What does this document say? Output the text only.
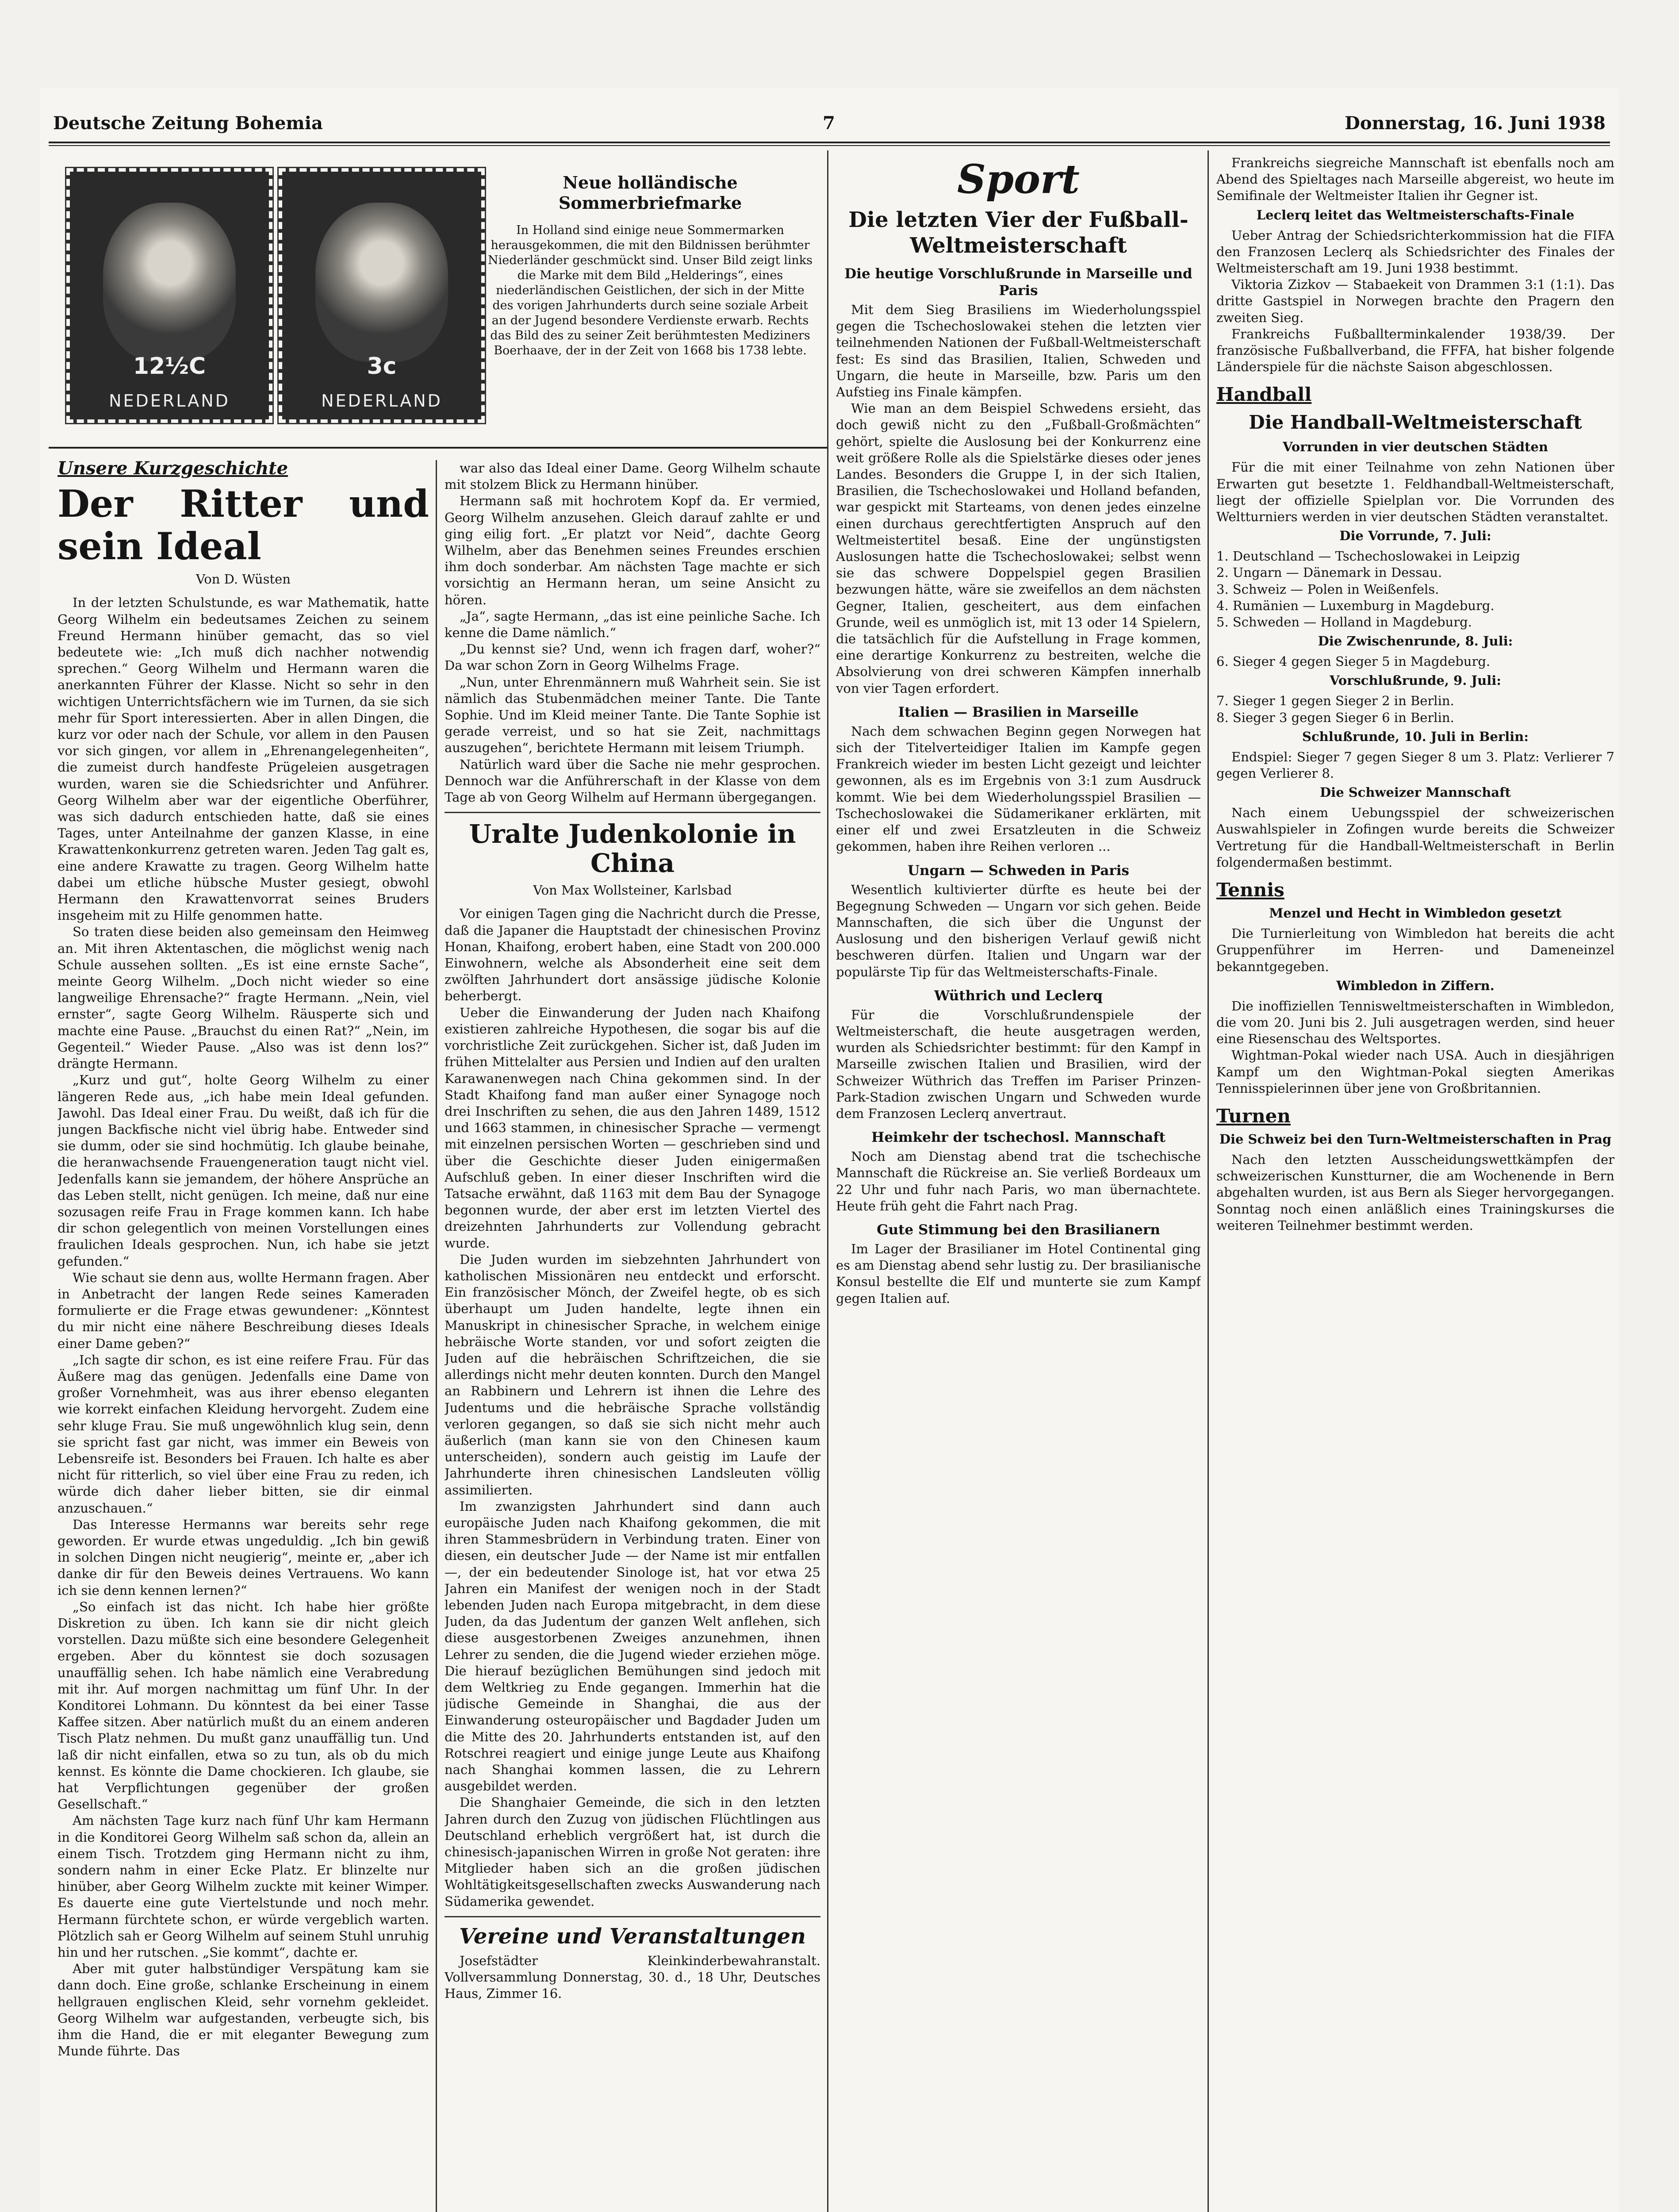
Deutsche Zeitung Bohemia	7	Donnerstag, 16. Juni 1938
12½C
NEDERLAND
3c
NEDERLAND
Neue holländische Sommerbriefmarke
In Holland sind einige neue Sommermarken herausgekommen, die mit den Bildnissen berühmter Niederländer geschmückt sind. Unser Bild zeigt links die Marke mit dem Bild „Helderings“, eines niederländischen Geistlichen, der sich in der Mitte des vorigen Jahrhunderts durch seine soziale Arbeit an der Jugend besondere Verdienste erwarb. Rechts das Bild des zu seiner Zeit berühmtesten Mediziners Boerhaave, der in der Zeit von 1668 bis 1738 lebte.
Unsere Kurzgeschichte
Der Ritter und sein Ideal
Von D. Wüsten

In der letzten Schulstunde, es war Mathematik, hatte Georg Wilhelm ein bedeutsames Zeichen zu seinem Freund Hermann hinüber gemacht, das so viel bedeutete wie: „Ich muß dich nachher notwendig sprechen.“ Georg Wilhelm und Hermann waren die anerkannten Führer der Klasse. Nicht so sehr in den wichtigen Unterrichtsfächern wie im Turnen, da sie sich mehr für Sport interessierten. Aber in allen Dingen, die kurz vor oder nach der Schule, vor allem in den Pausen vor sich gingen, vor allem in „Ehrenangelegenheiten“, die zumeist durch handfeste Prügeleien ausgetragen wurden, waren sie die Schiedsrichter und Anführer. Georg Wilhelm aber war der eigentliche Oberführer, was sich dadurch entschieden hatte, daß sie eines Tages, unter Anteilnahme der ganzen Klasse, in eine Krawattenkonkurrenz getreten waren. Jeden Tag galt es, eine andere Krawatte zu tragen. Georg Wilhelm hatte dabei um etliche hübsche Muster gesiegt, obwohl Hermann den Krawattenvorrat seines Bruders insgeheim mit zu Hilfe genommen hatte.

So traten diese beiden also gemeinsam den Heimweg an. Mit ihren Aktentaschen, die möglichst wenig nach Schule aussehen sollten. „Es ist eine ernste Sache“, meinte Georg Wilhelm. „Doch nicht wieder so eine langweilige Ehrensache?“ fragte Hermann. „Nein, viel ernster“, sagte Georg Wilhelm. Räusperte sich und machte eine Pause. „Brauchst du einen Rat?“ „Nein, im Gegenteil.“ Wieder Pause. „Also was ist denn los?“ drängte Hermann.

„Kurz und gut“, holte Georg Wilhelm zu einer längeren Rede aus, „ich habe mein Ideal gefunden. Jawohl. Das Ideal einer Frau. Du weißt, daß ich für die jungen Backfische nicht viel übrig habe. Entweder sind sie dumm, oder sie sind hochmütig. Ich glaube beinahe, die heranwachsende Frauengeneration taugt nicht viel. Jedenfalls kann sie jemandem, der höhere Ansprüche an das Leben stellt, nicht genügen. Ich meine, daß nur eine sozusagen reife Frau in Frage kommen kann. Ich habe dir schon gelegentlich von meinen Vorstellungen eines fraulichen Ideals gesprochen. Nun, ich habe sie jetzt gefunden.“

Wie schaut sie denn aus, wollte Hermann fragen. Aber in Anbetracht der langen Rede seines Kameraden formulierte er die Frage etwas gewundener: „Könntest du mir nicht eine nähere Beschreibung dieses Ideals einer Dame geben?“

„Ich sagte dir schon, es ist eine reifere Frau. Für das Äußere mag das genügen. Jedenfalls eine Dame von großer Vornehmheit, was aus ihrer ebenso eleganten wie korrekt einfachen Kleidung hervorgeht. Zudem eine sehr kluge Frau. Sie muß ungewöhnlich klug sein, denn sie spricht fast gar nicht, was immer ein Beweis von Lebensreife ist. Besonders bei Frauen. Ich halte es aber nicht für ritterlich, so viel über eine Frau zu reden, ich würde dich daher lieber bitten, sie dir einmal anzuschauen.“

Das Interesse Hermanns war bereits sehr rege geworden. Er wurde etwas ungeduldig. „Ich bin gewiß in solchen Dingen nicht neugierig“, meinte er, „aber ich danke dir für den Beweis deines Vertrauens. Wo kann ich sie denn kennen lernen?“

„So einfach ist das nicht. Ich habe hier größte Diskretion zu üben. Ich kann sie dir nicht gleich vorstellen. Dazu müßte sich eine besondere Gelegenheit ergeben. Aber du könntest sie doch sozusagen unauffällig sehen. Ich habe nämlich eine Verabredung mit ihr. Auf morgen nachmittag um fünf Uhr. In der Konditorei Lohmann. Du könntest da bei einer Tasse Kaffee sitzen. Aber natürlich mußt du an einem anderen Tisch Platz nehmen. Du mußt ganz unauffällig tun. Und laß dir nicht einfallen, etwa so zu tun, als ob du mich kennst. Es könnte die Dame chockieren. Ich glaube, sie hat Verpflichtungen gegenüber der großen Gesellschaft.“

Am nächsten Tage kurz nach fünf Uhr kam Hermann in die Konditorei Georg Wilhelm saß schon da, allein an einem Tisch. Trotzdem ging Hermann nicht zu ihm, sondern nahm in einer Ecke Platz. Er blinzelte nur hinüber, aber Georg Wilhelm zuckte mit keiner Wimper. Es dauerte eine gute Viertelstunde und noch mehr. Hermann fürchtete schon, er würde vergeblich warten. Plötzlich sah er Georg Wilhelm auf seinem Stuhl unruhig hin und her rutschen. „Sie kommt“, dachte er.

Aber mit guter halbstündiger Verspätung kam sie dann doch. Eine große, schlanke Erscheinung in einem hellgrauen englischen Kleid, sehr vornehm gekleidet. Georg Wilhelm war aufgestanden, verbeugte sich, bis ihm die Hand, die er mit eleganter Bewegung zum Munde führte. Das

war also das Ideal einer Dame. Georg Wilhelm schaute mit stolzem Blick zu Hermann hinüber.

Hermann saß mit hochrotem Kopf da. Er vermied, Georg Wilhelm anzusehen. Gleich darauf zahlte er und ging eilig fort. „Er platzt vor Neid“, dachte Georg Wilhelm, aber das Benehmen seines Freundes erschien ihm doch sonderbar. Am nächsten Tage machte er sich vorsichtig an Hermann heran, um seine Ansicht zu hören.

„Ja“, sagte Hermann, „das ist eine peinliche Sache. Ich kenne die Dame nämlich.“

„Du kennst sie? Und, wenn ich fragen darf, woher?“ Da war schon Zorn in Georg Wilhelms Frage.

„Nun, unter Ehrenmännern muß Wahrheit sein. Sie ist nämlich das Stubenmädchen meiner Tante. Die Tante Sophie. Und im Kleid meiner Tante. Die Tante Sophie ist gerade verreist, und so hat sie Zeit, nachmittags auszugehen“, berichtete Hermann mit leisem Triumph.

Natürlich ward über die Sache nie mehr gesprochen. Dennoch war die Anführerschaft in der Klasse von dem Tage ab von Georg Wilhelm auf Hermann übergegangen.

Uralte Judenkolonie in China
Von Max Wollsteiner, Karlsbad

Vor einigen Tagen ging die Nachricht durch die Presse, daß die Japaner die Hauptstadt der chinesischen Provinz Honan, Khaifong, erobert haben, eine Stadt von 200.000 Einwohnern, welche als Absonderheit eine seit dem zwölften Jahrhundert dort ansässige jüdische Kolonie beherbergt.

Ueber die Einwanderung der Juden nach Khaifong existieren zahlreiche Hypothesen, die sogar bis auf die vorchristliche Zeit zurückgehen. Sicher ist, daß Juden im frühen Mittelalter aus Persien und Indien auf den uralten Karawanenwegen nach China gekommen sind. In der Stadt Khaifong fand man außer einer Synagoge noch drei Inschriften zu sehen, die aus den Jahren 1489, 1512 und 1663 stammen, in chinesischer Sprache — vermengt mit einzelnen persischen Worten — geschrieben sind und über die Geschichte dieser Juden einigermaßen Aufschluß geben. In einer dieser Inschriften wird die Tatsache erwähnt, daß 1163 mit dem Bau der Synagoge begonnen wurde, der aber erst im letzten Viertel des dreizehnten Jahrhunderts zur Vollendung gebracht wurde.

Die Juden wurden im siebzehnten Jahrhundert von katholischen Missionären neu entdeckt und erforscht. Ein französischer Mönch, der Zweifel hegte, ob es sich überhaupt um Juden handelte, legte ihnen ein Manuskript in chinesischer Sprache, in welchem einige hebräische Worte standen, vor und sofort zeigten die Juden auf die hebräischen Schriftzeichen, die sie allerdings nicht mehr deuten konnten. Durch den Mangel an Rabbinern und Lehrern ist ihnen die Lehre des Judentums und die hebräische Sprache vollständig verloren gegangen, so daß sie sich nicht mehr auch äußerlich (man kann sie von den Chinesen kaum unterscheiden), sondern auch geistig im Laufe der Jahrhunderte ihren chinesischen Landsleuten völlig assimilierten.

Im zwanzigsten Jahrhundert sind dann auch europäische Juden nach Khaifong gekommen, die mit ihren Stammesbrüdern in Verbindung traten. Einer von diesen, ein deutscher Jude — der Name ist mir entfallen —, der ein bedeutender Sinologe ist, hat vor etwa 25 Jahren ein Manifest der wenigen noch in der Stadt lebenden Juden nach Europa mitgebracht, in dem diese Juden, da das Judentum der ganzen Welt anflehen, sich diese ausgestorbenen Zweiges anzunehmen, ihnen Lehrer zu senden, die die Jugend wieder erziehen möge. Die hierauf bezüglichen Bemühungen sind jedoch mit dem Weltkrieg zu Ende gegangen. Immerhin hat die jüdische Gemeinde in Shanghai, die aus der Einwanderung osteuropäischer und Bagdader Juden um die Mitte des 20. Jahrhunderts entstanden ist, auf den Rotschrei reagiert und einige junge Leute aus Khaifong nach Shanghai kommen lassen, die zu Lehrern ausgebildet werden.

Die Shanghaier Gemeinde, die sich in den letzten Jahren durch den Zuzug von jüdischen Flüchtlingen aus Deutschland erheblich vergrößert hat, ist durch die chinesisch-japanischen Wirren in große Not geraten: ihre Mitglieder haben sich an die großen jüdischen Wohltätigkeitsgesellschaften zwecks Auswanderung nach Südamerika gewendet.

Vereine und Veranstaltungen

Josefstädter Kleinkinderbewahranstalt. Vollversammlung Donnerstag, 30. d., 18 Uhr, Deutsches Haus, Zimmer 16.

Sport
Die letzten Vier der Fußball-Weltmeisterschaft
Die heutige Vorschlußrunde in Marseille und Paris

Mit dem Sieg Brasiliens im Wiederholungsspiel gegen die Tschechoslowakei stehen die letzten vier teilnehmenden Nationen der Fußball-Weltmeisterschaft fest: Es sind das Brasilien, Italien, Schweden und Ungarn, die heute in Marseille, bzw. Paris um den Aufstieg ins Finale kämpfen.

Wie man an dem Beispiel Schwedens ersieht, das doch gewiß nicht zu den „Fußball-Großmächten“ gehört, spielte die Auslosung bei der Konkurrenz eine weit größere Rolle als die Spielstärke dieses oder jenes Landes. Besonders die Gruppe I, in der sich Italien, Brasilien, die Tschechoslowakei und Holland befanden, war gespickt mit Starteams, von denen jedes einzelne einen durchaus gerechtfertigten Anspruch auf den Weltmeistertitel besaß. Eine der ungünstigsten Auslosungen hatte die Tschechoslowakei; selbst wenn sie das schwere Doppelspiel gegen Brasilien bezwungen hätte, wäre sie zweifellos an dem nächsten Gegner, Italien, gescheitert, aus dem einfachen Grunde, weil es unmöglich ist, mit 13 oder 14 Spielern, die tatsächlich für die Aufstellung in Frage kommen, eine derartige Konkurrenz zu bestreiten, welche die Absolvierung von drei schweren Kämpfen innerhalb von vier Tagen erfordert.

Italien — Brasilien in Marseille

Nach dem schwachen Beginn gegen Norwegen hat sich der Titelverteidiger Italien im Kampfe gegen Frankreich wieder im besten Licht gezeigt und leichter gewonnen, als es im Ergebnis von 3:1 zum Ausdruck kommt. Wie bei dem Wiederholungsspiel Brasilien — Tschechoslowakei die Südamerikaner erklärten, mit einer elf und zwei Ersatzleuten in die Schweiz gekommen, haben ihre Reihen verloren ...

Ungarn — Schweden in Paris

Wesentlich kultivierter dürfte es heute bei der Begegnung Schweden — Ungarn vor sich gehen. Beide Mannschaften, die sich über die Ungunst der Auslosung und den bisherigen Verlauf gewiß nicht beschweren dürfen. Italien und Ungarn war der populärste Tip für das Weltmeisterschafts-Finale.

Wüthrich und Leclerq

Für die Vorschlußrundenspiele der Weltmeisterschaft, die heute ausgetragen werden, wurden als Schiedsrichter bestimmt: für den Kampf in Marseille zwischen Italien und Brasilien, wird der Schweizer Wüthrich das Treffen im Pariser Prinzen-Park-Stadion zwischen Ungarn und Schweden wurde dem Franzosen Leclerq anvertraut.

Heimkehr der tschechosl. Mannschaft

Noch am Dienstag abend trat die tschechische Mannschaft die Rückreise an. Sie verließ Bordeaux um 22 Uhr und fuhr nach Paris, wo man übernachtete. Heute früh geht die Fahrt nach Prag.

Gute Stimmung bei den Brasilianern

Im Lager der Brasilianer im Hotel Continental ging es am Dienstag abend sehr lustig zu. Der brasilianische Konsul bestellte die Elf und munterte sie zum Kampf gegen Italien auf.

Frankreichs siegreiche Mannschaft ist ebenfalls noch am Abend des Spieltages nach Marseille abgereist, wo heute im Semifinale der Weltmeister Italien ihr Gegner ist.

Leclerq leitet das Weltmeisterschafts-Finale

Ueber Antrag der Schiedsrichterkommission hat die FIFA den Franzosen Leclerq als Schiedsrichter des Finales der Weltmeisterschaft am 19. Juni 1938 bestimmt.

Viktoria Zizkov — Stabaekeit von Drammen 3:1 (1:1). Das dritte Gastspiel in Norwegen brachte den Pragern den zweiten Sieg.

Frankreichs Fußballterminkalender 1938/39. Der französische Fußballverband, die FFFA, hat bisher folgende Länderspiele für die nächste Saison abgeschlossen.

Handball
Die Handball-Weltmeisterschaft
Vorrunden in vier deutschen Städten

Für die mit einer Teilnahme von zehn Nationen über Erwarten gut besetzte 1. Feldhandball-Weltmeisterschaft, liegt der offizielle Spielplan vor. Die Vorrunden des Weltturniers werden in vier deutschen Städten veranstaltet.

Die Vorrunde, 7. Juli:
1. Deutschland — Tschechoslowakei in Leipzig
2. Ungarn — Dänemark in Dessau.
3. Schweiz — Polen in Weißenfels.
4. Rumänien — Luxemburg in Magdeburg.
5. Schweden — Holland in Magdeburg.
Die Zwischenrunde, 8. Juli:
6. Sieger 4 gegen Sieger 5 in Magdeburg.
Vorschlußrunde, 9. Juli:
7. Sieger 1 gegen Sieger 2 in Berlin.
8. Sieger 3 gegen Sieger 6 in Berlin.
Schlußrunde, 10. Juli in Berlin:

Endspiel: Sieger 7 gegen Sieger 8 um 3. Platz: Verlierer 7 gegen Verlierer 8.

Die Schweizer Mannschaft

Nach einem Uebungsspiel der schweizerischen Auswahlspieler in Zofingen wurde bereits die Schweizer Vertretung für die Handball-Weltmeisterschaft in Berlin folgendermaßen bestimmt.

Tennis
Menzel und Hecht in Wimbledon gesetzt

Die Turnierleitung von Wimbledon hat bereits die acht Gruppenführer im Herren- und Dameneinzel bekanntgegeben.

Wimbledon in Ziffern.

Die inoffiziellen Tennisweltmeisterschaften in Wimbledon, die vom 20. Juni bis 2. Juli ausgetragen werden, sind heuer eine Riesenschau des Weltsportes.

Wightman-Pokal wieder nach USA. Auch in diesjährigen Kampf um den Wightman-Pokal siegten Amerikas Tennisspielerinnen über jene von Großbritannien.

Turnen
Die Schweiz bei den Turn-Weltmeisterschaften in Prag

Nach den letzten Ausscheidungswettkämpfen der schweizerischen Kunstturner, die am Wochenende in Bern abgehalten wurden, ist aus Bern als Sieger hervorgegangen. Sonntag noch einen anläßlich eines Trainingskurses die weiteren Teilnehmer bestimmt werden.
